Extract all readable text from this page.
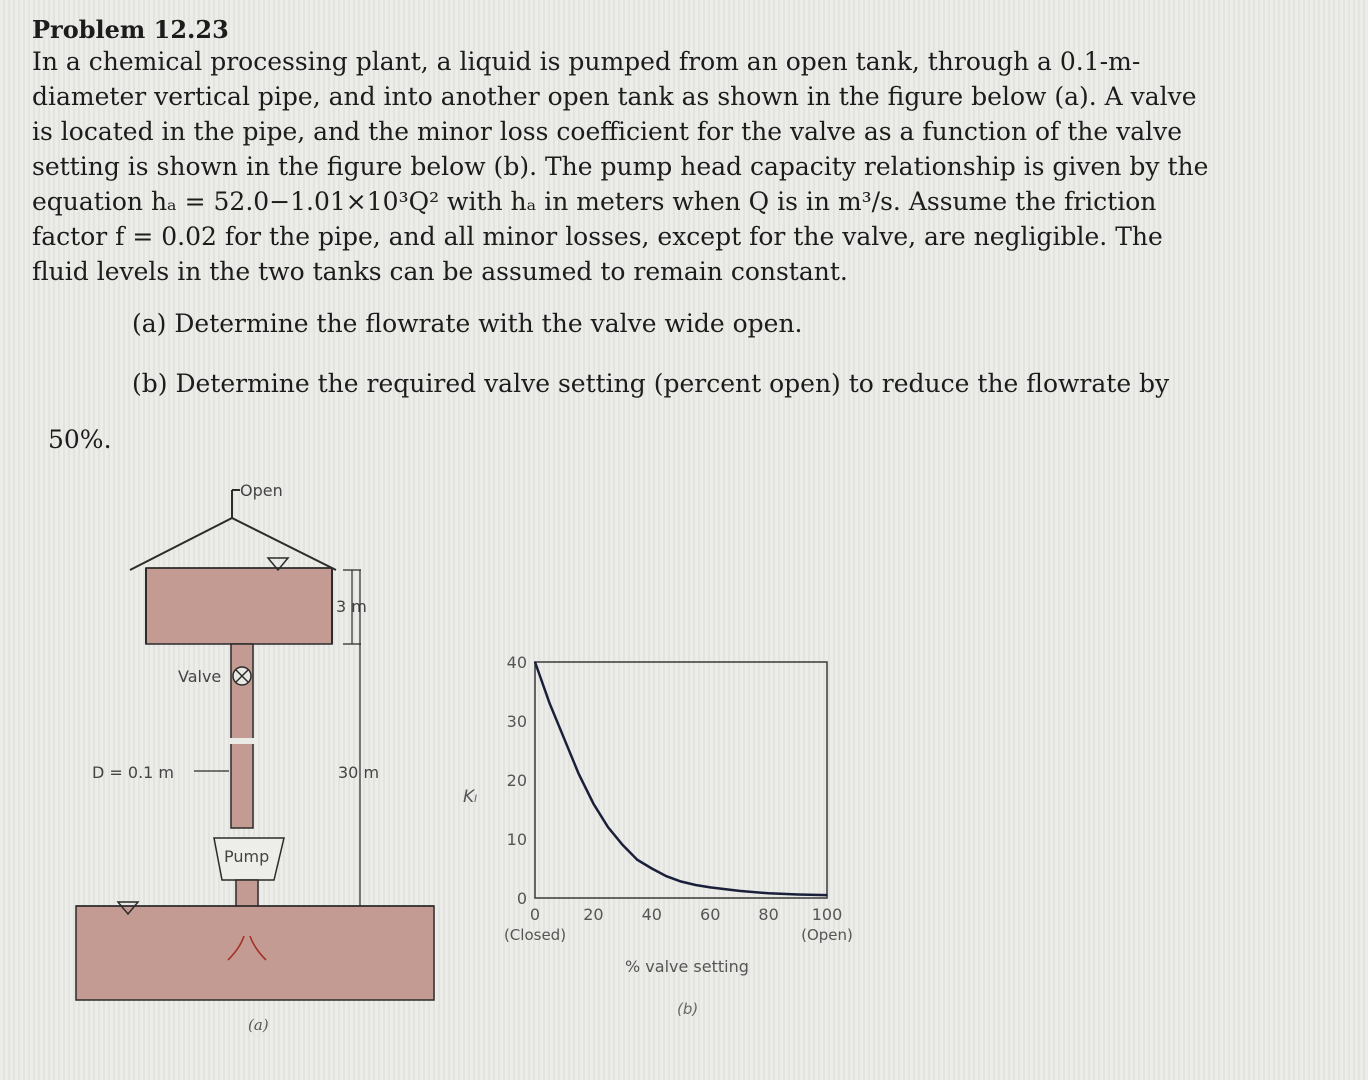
Problem 12.23
In a chemical processing plant, a liquid is pumped from an open tank, through a 0.1-m-
diameter vertical pipe, and into another open tank as shown in the figure below (a). A valve
is located in the pipe, and the minor loss coefficient for the valve as a function of the valve
setting is shown in the figure below (b). The pump head capacity relationship is given by the
equation hₐ = 52.0−1.01×10³Q² with hₐ in meters when Q is in m³/s. Assume the friction
factor f = 0.02 for the pipe, and all minor losses, except for the valve, are negligible. The
fluid levels in the two tanks can be assumed to remain constant.
(a) Determine the flowrate with the valve wide open.
(b) Determine the required valve setting (percent open) to reduce the flowrate by
50%.
Open
3 m
Valve
D = 0.1 m
Pump
30 m
(a)
0
10
20
30
40
0
(Closed)
20 40 60 80 100
(Open)
Kₗ
% valve setting
(b)
